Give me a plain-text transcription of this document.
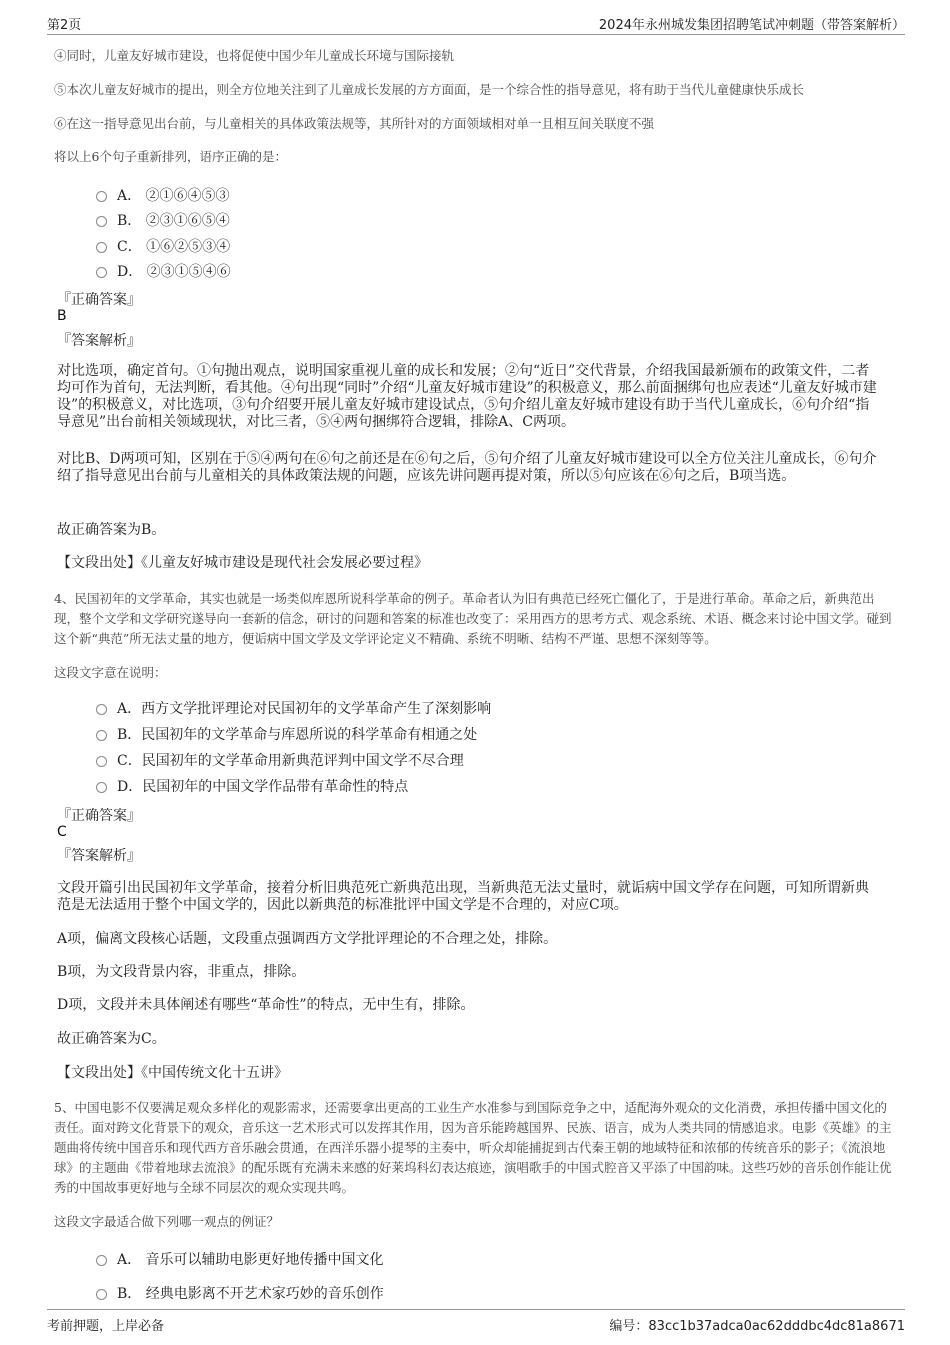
第2页	2024年永州城发集团招聘笔试冲刺题（带答案解析）

④同时，儿童友好城市建设，也将促使中国少年儿童成长环境与国际接轨

⑤本次儿童友好城市的提出，则全方位地关注到了儿童成长发展的方方面面，是一个综合性的指导意见，将有助于当代儿童健康快乐成长

⑥在这一指导意见出台前，与儿童相关的具体政策法规等，其所针对的方面领域相对单一且相互间关联度不强

将以上6个句子重新排列，语序正确的是：

A． ②①⑥④⑤③
B． ②③①⑥⑤④
C． ①⑥②⑤③④
D． ②③①⑤④⑥
『正确答案』
B
『答案解析』

对比选项，确定首句。①句抛出观点，说明国家重视儿童的成长和发展；②句“近日”交代背景，介绍我国最新颁布的政策文件，二者均可作为首句，无法判断，看其他。④句出现“同时”介绍“儿童友好城市建设”的积极意义，那么前面捆绑句也应表述“儿童友好城市建设”的积极意义，对比选项，③句介绍要开展儿童友好城市建设试点，⑤句介绍儿童友好城市建设有助于当代儿童成长，⑥句介绍“指导意见”出台前相关领域现状，对比三者，⑤④两句捆绑符合逻辑，排除A、C两项。

对比B、D两项可知，区别在于⑤④两句在⑥句之前还是在⑥句之后，⑤句介绍了儿童友好城市建设可以全方位关注儿童成长，⑥句介绍了指导意见出台前与儿童相关的具体政策法规的问题，应该先讲问题再提对策，所以⑤句应该在⑥句之后，B项当选。

故正确答案为B。

【文段出处】《儿童友好城市建设是现代社会发展必要过程》

4、民国初年的文学革命，其实也就是一场类似库恩所说科学革命的例子。革命者认为旧有典范已经死亡僵化了，于是进行革命。革命之后，新典范出现，整个文学和文学研究遂导向一套新的信念，研讨的问题和答案的标准也改变了：采用西方的思考方式、观念系统、术语、概念来讨论中国文学。碰到这个新“典范”所无法丈量的地方，便诟病中国文学及文学评论定义不精确、系统不明晰、结构不严谨、思想不深刻等等。

这段文字意在说明：

A．西方文学批评理论对民国初年的文学革命产生了深刻影响
B．民国初年的文学革命与库恩所说的科学革命有相通之处
C．民国初年的文学革命用新典范评判中国文学不尽合理
D．民国初年的中国文学作品带有革命性的特点
『正确答案』
C
『答案解析』

文段开篇引出民国初年文学革命，接着分析旧典范死亡新典范出现，当新典范无法丈量时，就诟病中国文学存在问题，可知所谓新典范是无法适用于整个中国文学的，因此以新典范的标准批评中国文学是不合理的，对应C项。

A项，偏离文段核心话题，文段重点强调西方文学批评理论的不合理之处，排除。

B项，为文段背景内容，非重点，排除。

D项，文段并未具体阐述有哪些“革命性”的特点，无中生有，排除。

故正确答案为C。

【文段出处】《中国传统文化十五讲》

5、中国电影不仅要满足观众多样化的观影需求，还需要拿出更高的工业生产水准参与到国际竞争之中，适配海外观众的文化消费，承担传播中国文化的责任。面对跨文化背景下的观众，音乐这一艺术形式可以发挥其作用，因为音乐能跨越国界、民族、语言，成为人类共同的情感追求。电影《英雄》的主题曲将传统中国音乐和现代西方音乐融会贯通，在西洋乐器小提琴的主奏中，听众却能捕捉到古代秦王朝的地域特征和浓郁的传统音乐的影子；《流浪地球》的主题曲《带着地球去流浪》的配乐既有充满未来感的好莱坞科幻表达痕迹，演唱歌手的中国式腔音又平添了中国韵味。这些巧妙的音乐创作能让优秀的中国故事更好地与全球不同层次的观众实现共鸣。

这段文字最适合做下列哪一观点的例证？

A． 音乐可以辅助电影更好地传播中国文化
B． 经典电影离不开艺术家巧妙的音乐创作
考前押题，上岸必备	编号：83cc1b37adca0ac62dddbc4dc81a8671
